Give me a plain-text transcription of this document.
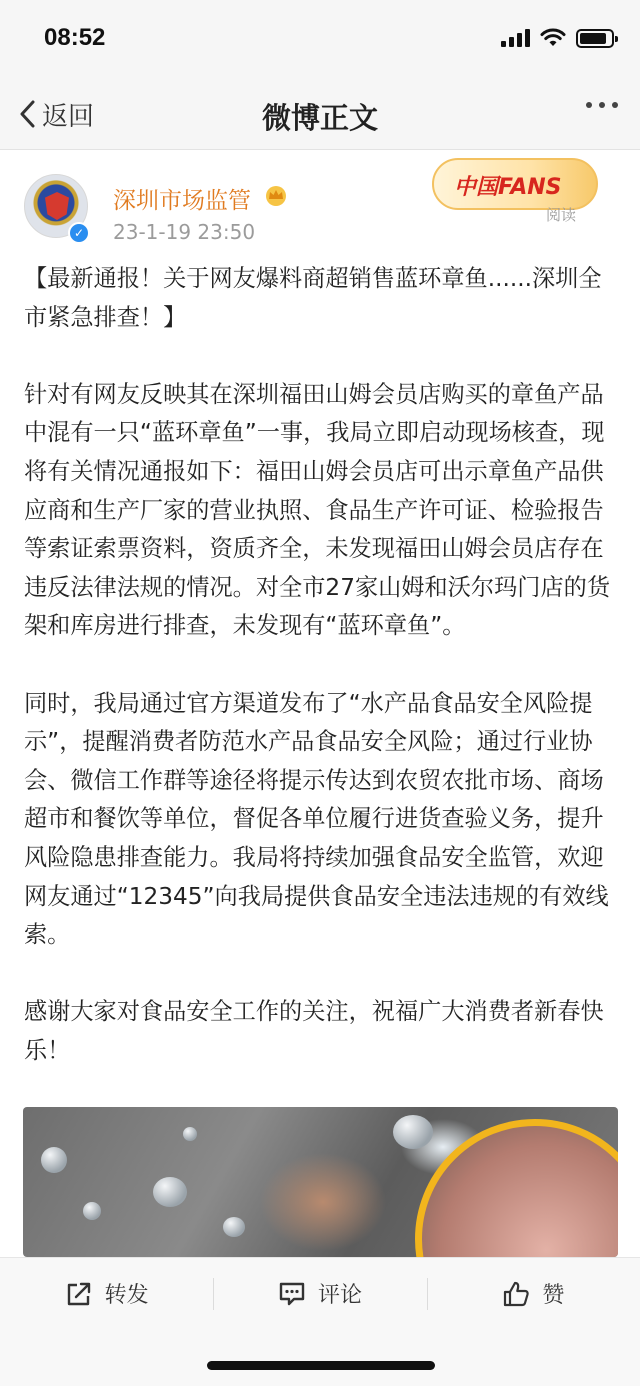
08:52
返回	微博正文
✓
深圳市场监管
23-1-19 23:50
中国FANS
阅读

【最新通报！关于网友爆料商超销售蓝环章鱼......深圳全市紧急排查！】

针对有网友反映其在深圳福田山姆会员店购买的章鱼产品中混有一只“蓝环章鱼”一事，我局立即启动现场核查，现将有关情况通报如下：福田山姆会员店可出示章鱼产品供应商和生产厂家的营业执照、食品生产许可证、检验报告等索证索票资料，资质齐全，未发现福田山姆会员店存在违反法律法规的情况。对全市27家山姆和沃尔玛门店的货架和库房进行排查，未发现有“蓝环章鱼”。

同时，我局通过官方渠道发布了“水产品食品安全风险提示”，提醒消费者防范水产品食品安全风险；通过行业协会、微信工作群等途径将提示传达到农贸农批市场、商场超市和餐饮等单位，督促各单位履行进货查验义务，提升风险隐患排查能力。我局将持续加强食品安全监管，欢迎网友通过“12345”向我局提供食品安全违法违规的有效线索。

感谢大家对食品安全工作的关注，祝福广大消费者新春快乐！

转发	评论	赞
